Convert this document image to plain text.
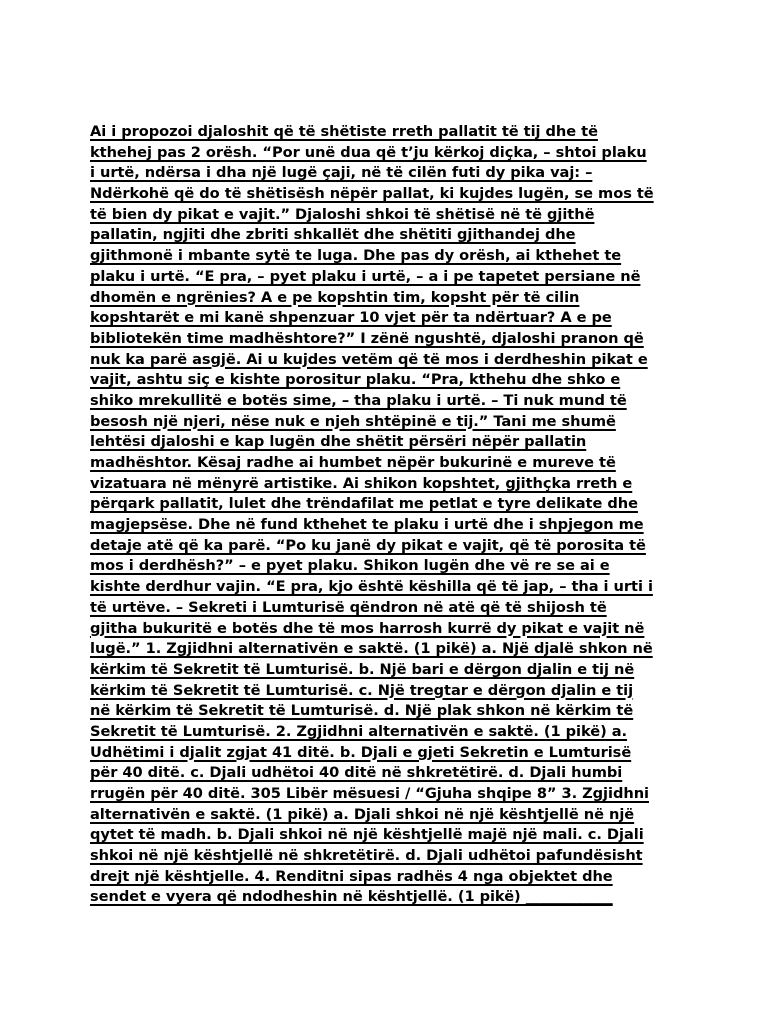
Ai i propozoi djaloshit që të shëtiste rreth pallatit të tij dhe të
kthehej pas 2 orësh. “Por unë dua që t’ju kërkoj diçka, – shtoi plaku
i urtë, ndërsa i dha një lugë çaji, në të cilën futi dy pika vaj: –
Ndërkohë që do të shëtisësh nëpër pallat, ki kujdes lugën, se mos të
të bien dy pikat e vajit.” Djaloshi shkoi të shëtisë në të gjithë
pallatin, ngjiti dhe zbriti shkallët dhe shëtiti gjithandej dhe
gjithmonë i mbante sytë te luga. Dhe pas dy orësh, ai kthehet te
plaku i urtë. “E pra, – pyet plaku i urtë, – a i pe tapetet persiane në
dhomën e ngrënies? A e pe kopshtin tim, kopsht për të cilin
kopshtarët e mi kanë shpenzuar 10 vjet për ta ndërtuar? A e pe
bibliotekën time madhështore?” I zënë ngushtë, djaloshi pranon që
nuk ka parë asgjë. Ai u kujdes vetëm që të mos i derdheshin pikat e
vajit, ashtu siç e kishte porositur plaku. “Pra, kthehu dhe shko e
shiko mrekullitë e botës sime, – tha plaku i urtë. – Ti nuk mund të
besosh një njeri, nëse nuk e njeh shtëpinë e tij.” Tani me shumë
lehtësi djaloshi e kap lugën dhe shëtit përsëri nëpër pallatin
madhështor. Kësaj radhe ai humbet nëpër bukurinë e mureve të
vizatuara në mënyrë artistike. Ai shikon kopshtet, gjithçka rreth e
përqark pallatit, lulet dhe trëndafilat me petlat e tyre delikate dhe
magjepsëse. Dhe në fund kthehet te plaku i urtë dhe i shpjegon me
detaje atë që ka parë. “Po ku janë dy pikat e vajit, që të porosita të
mos i derdhësh?” – e pyet plaku. Shikon lugën dhe vë re se ai e
kishte derdhur vajin. “E pra, kjo është këshilla që të jap, – tha i urti i
të urtëve. – Sekreti i Lumturisë qëndron në atë që të shijosh të
gjitha bukuritë e botës dhe të mos harrosh kurrë dy pikat e vajit në
lugë.” 1. Zgjidhni alternativën e saktë. (1 pikë) a. Një djalë shkon në
kërkim të Sekretit të Lumturisë. b. Një bari e dërgon djalin e tij në
kërkim të Sekretit të Lumturisë. c. Një tregtar e dërgon djalin e tij
në kërkim të Sekretit të Lumturisë. d. Një plak shkon në kërkim të
Sekretit të Lumturisë. 2. Zgjidhni alternativën e saktë. (1 pikë) a.
Udhëtimi i djalit zgjat 41 ditë. b. Djali e gjeti Sekretin e Lumturisë
për 40 ditë. c. Djali udhëtoi 40 ditë në shkretëtirë. d. Djali humbi
rrugën për 40 ditë. 305 Libër mësuesi / “Gjuha shqipe 8” 3. Zgjidhni
alternativën e saktë. (1 pikë) a. Djali shkoi në një kështjellë në një
qytet të madh. b. Djali shkoi në një kështjellë majë një mali. c. Djali
shkoi në një kështjellë në shkretëtirë. d. Djali udhëtoi pafundësisht
drejt një kështjelle. 4. Renditni sipas radhës 4 nga objektet dhe
sendet e vyera që ndodheshin në kështjellë. (1 pikë) ____________
